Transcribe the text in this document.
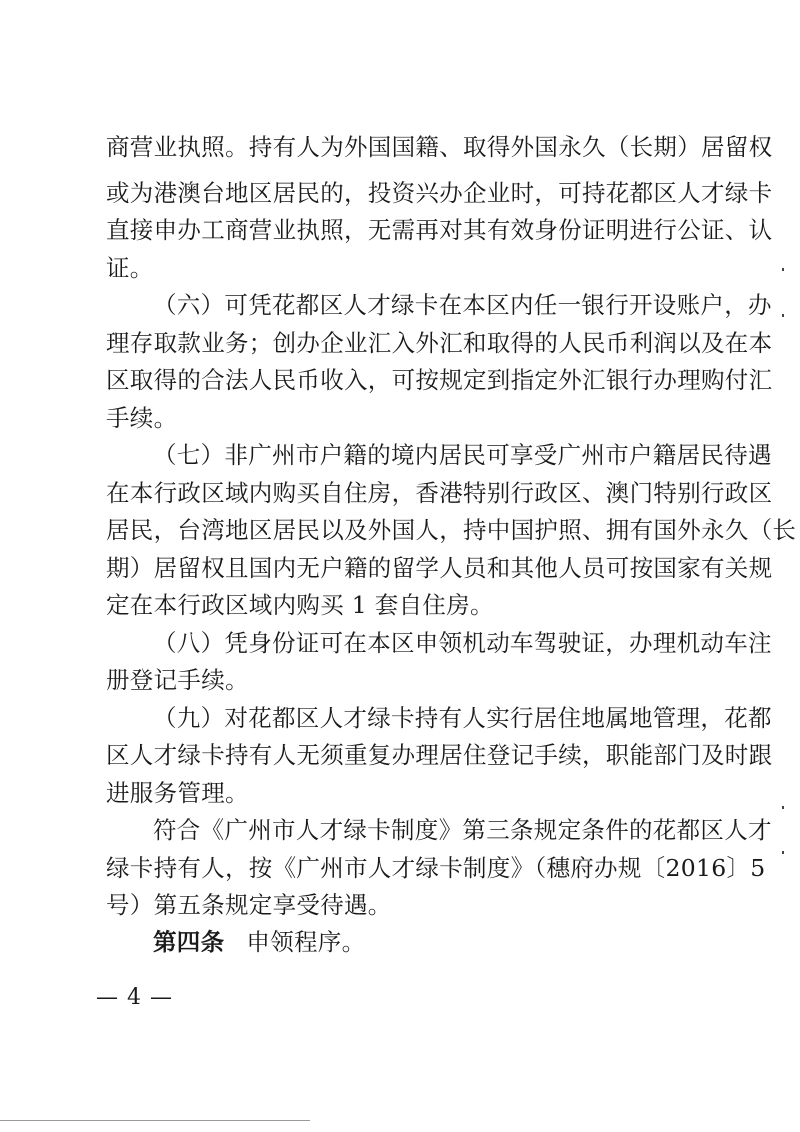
商营业执照。持有人为外国国籍、取得外国永久（长期）居留权
或为港澳台地区居民的，投资兴办企业时，可持花都区人才绿卡
直接申办工商营业执照，无需再对其有效身份证明进行公证、认
证。
（六）可凭花都区人才绿卡在本区内任一银行开设账户，办
理存取款业务；创办企业汇入外汇和取得的人民币利润以及在本
区取得的合法人民币收入，可按规定到指定外汇银行办理购付汇
手续。
（七）非广州市户籍的境内居民可享受广州市户籍居民待遇
在本行政区域内购买自住房，香港特别行政区、澳门特别行政区
居民，台湾地区居民以及外国人，持中国护照、拥有国外永久（长
期）居留权且国内无户籍的留学人员和其他人员可按国家有关规
定在本行政区域内购买 1 套自住房。
（八）凭身份证可在本区申领机动车驾驶证，办理机动车注
册登记手续。
（九）对花都区人才绿卡持有人实行居住地属地管理，花都
区人才绿卡持有人无须重复办理居住登记手续，职能部门及时跟
进服务管理。
符合《广州市人才绿卡制度》第三条规定条件的花都区人才
绿卡持有人，按《广州市人才绿卡制度》（穗府办规〔2016〕5
号）第五条规定享受待遇。
第四条 申领程序。
— 4 —
